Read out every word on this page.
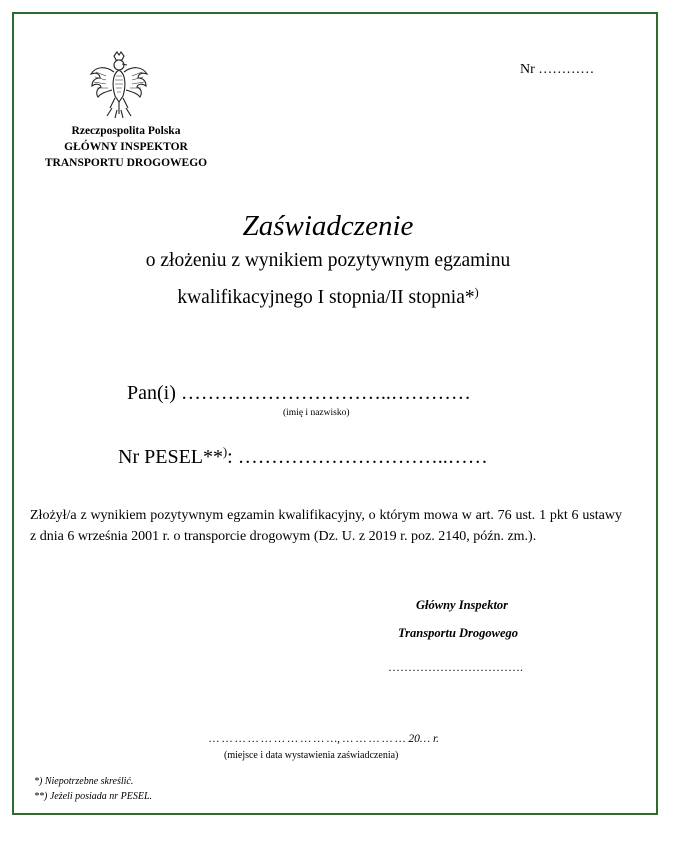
Rzeczpospolita Polska
GŁÓWNY INSPEKTOR
TRANSPORTU DROGOWEGO
Nr …………
Zaświadczenie
o złożeniu z wynikiem pozytywnym egzaminu
kwalifikacyjnego I stopnia/II stopnia*)
Pan(i) …………………………..…………
(imię i nazwisko)
Nr PESEL**): …………………………..……
Złożył/a z wynikiem pozytywnym egzamin kwalifikacyjny, o którym mowa w art. 76 ust. 1 pkt 6 ustawy z dnia 6 września 2001 r. o transporcie drogowym (Dz. U. z 2019 r. poz. 2140, późn. zm.).
Główny Inspektor
Transportu Drogowego
…………………………….
… … … … … … … … … …, … … … … … 20… r.
(miejsce i data wystawienia zaświadczenia)
*) Niepotrzebne skreślić.
**) Jeżeli posiada nr PESEL.
